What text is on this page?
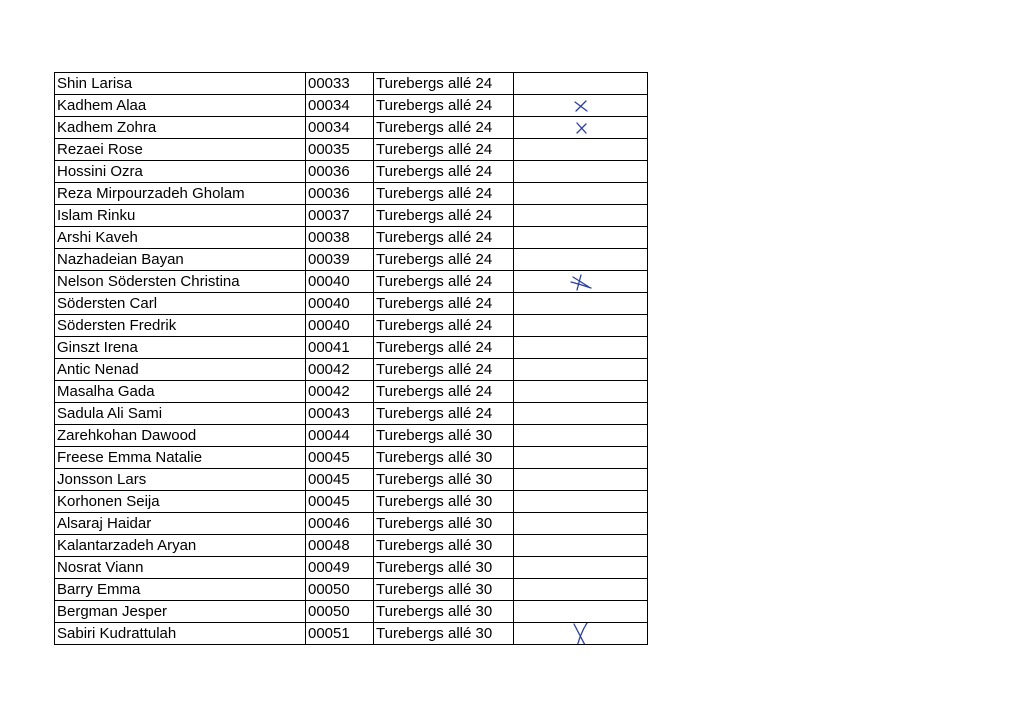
Shin Larisa	00033	Turebergs allé 24	
Kadhem Alaa	00034	Turebergs allé 24	

Kadhem Zohra	00034	Turebergs allé 24	

Rezaei Rose	00035	Turebergs allé 24	
Hossini Ozra	00036	Turebergs allé 24	
Reza Mirpourzadeh Gholam	00036	Turebergs allé 24	
Islam Rinku	00037	Turebergs allé 24	
Arshi Kaveh	00038	Turebergs allé 24	
Nazhadeian Bayan	00039	Turebergs allé 24	
Nelson Södersten Christina	00040	Turebergs allé 24	

Södersten Carl	00040	Turebergs allé 24	
Södersten Fredrik	00040	Turebergs allé 24	
Ginszt Irena	00041	Turebergs allé 24	
Antic Nenad	00042	Turebergs allé 24	
Masalha Gada	00042	Turebergs allé 24	
Sadula Ali Sami	00043	Turebergs allé 24	
Zarehkohan Dawood	00044	Turebergs allé 30	
Freese Emma Natalie	00045	Turebergs allé 30	
Jonsson Lars	00045	Turebergs allé 30	
Korhonen Seija	00045	Turebergs allé 30	
Alsaraj Haidar	00046	Turebergs allé 30	
Kalantarzadeh Aryan	00048	Turebergs allé 30	
Nosrat Viann	00049	Turebergs allé 30	
Barry Emma	00050	Turebergs allé 30	
Bergman Jesper	00050	Turebergs allé 30	
Sabiri Kudrattulah	00051	Turebergs allé 30	
